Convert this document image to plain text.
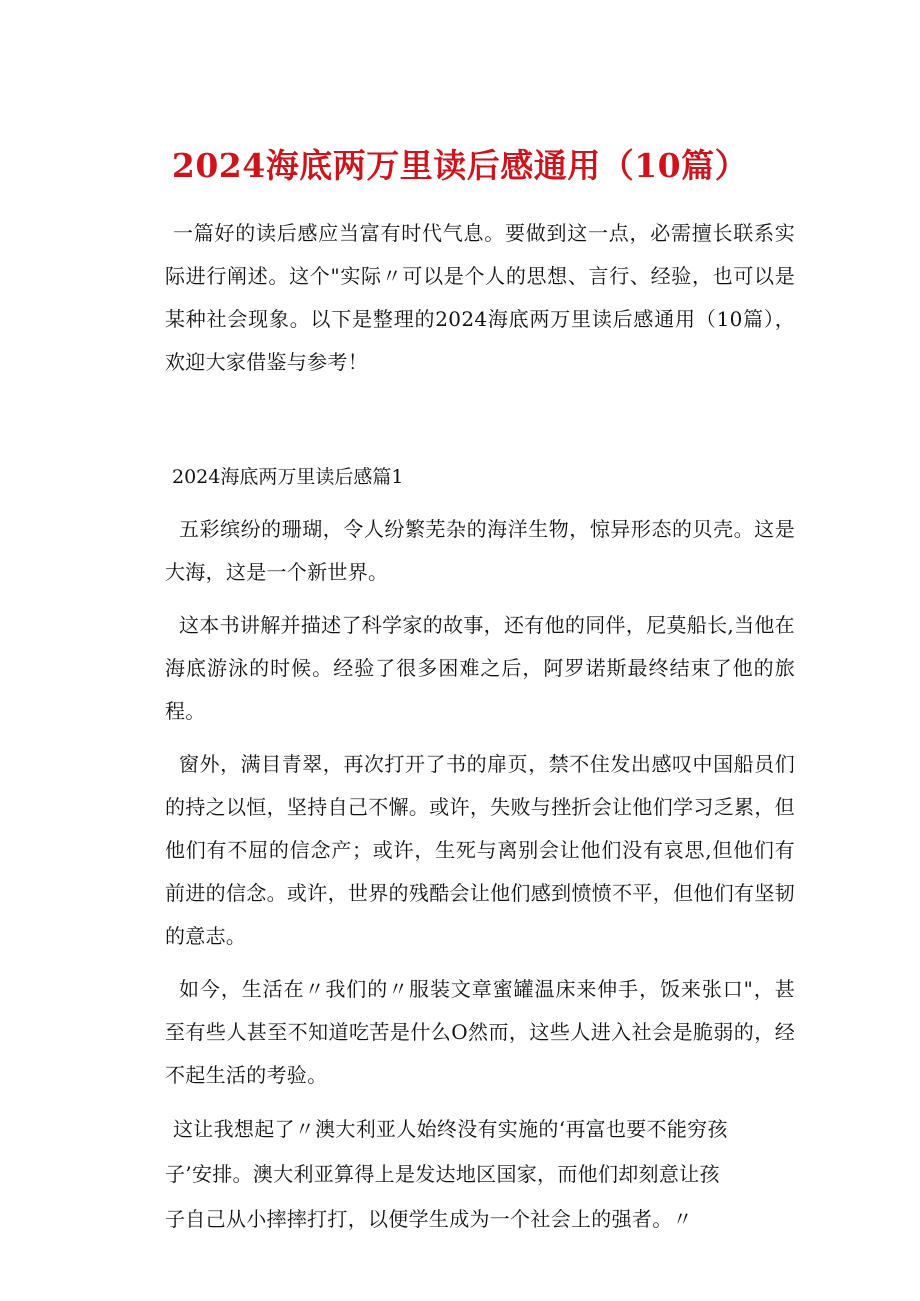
2024海底两万里读后感通用（10篇）
一篇好的读后感应当富有时代气息。要做到这一点，必需擅长联系实际进行阐述。这个"实际〃可以是个人的思想、言行、经验，也可以是某种社会现象。以下是整理的2024海底两万里读后感通用（10篇），欢迎大家借鉴与参考！
2024海底两万里读后感篇1

五彩缤纷的珊瑚，令人纷繁芜杂的海洋生物，惊异形态的贝壳。这是大海，这是一个新世界。

这本书讲解并描述了科学家的故事，还有他的同伴，尼莫船长,当他在海底游泳的时候。经验了很多困难之后，阿罗诺斯最终结束了他的旅程。

窗外，满目青翠，再次打开了书的扉页，禁不住发出感叹中国船员们的持之以恒，坚持自己不懈。或许，失败与挫折会让他们学习乏累，但他们有不屈的信念产；或许，生死与离别会让他们没有哀思,但他们有前进的信念。或许，世界的残酷会让他们感到愤愤不平，但他们有坚韧的意志。

如今，生活在〃我们的〃服装文章蜜罐温床来伸手，饭来张口"，甚至有些人甚至不知道吃苦是什么O然而，这些人进入社会是脆弱的，经不起生活的考验。

这让我想起了〃澳大利亚人始终没有实施的‘再富也要不能穷孩子’安排。澳大利亚算得上是发达地区国家，而他们却刻意让孩子自己从小摔摔打打，以便学生成为一个社会上的强者。〃
